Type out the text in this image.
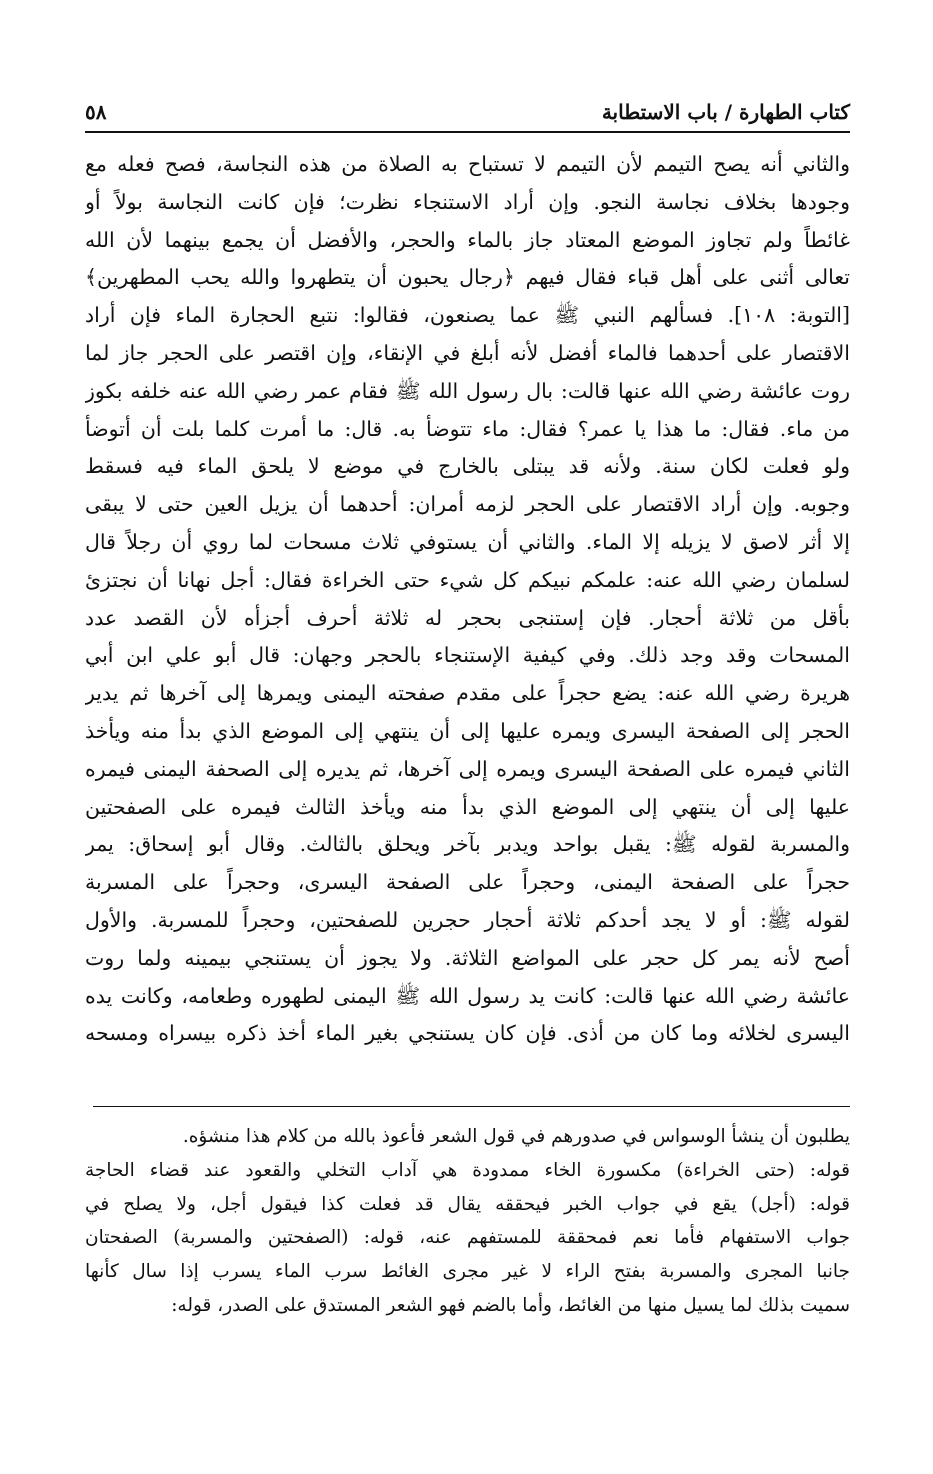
كتاب الطهارة / باب الاستطابة
٥٨
والثاني أنه يصح التيمم لأن التيمم لا تستباح به الصلاة من هذه النجاسة، فصح فعله مع
وجودها بخلاف نجاسة النجو. وإن أراد الاستنجاء نظرت؛ فإن كانت النجاسة بولاً أو
غائطاً ولم تجاوز الموضع المعتاد جاز بالماء والحجر، والأفضل أن يجمع بينهما لأن الله
تعالى أثنى على أهل قباء فقال فيهم ﴿رجال يحبون أن يتطهروا والله يحب المطهرين﴾
[التوبة: ١٠٨]. فسألهم النبي ﷺ عما يصنعون، فقالوا: نتبع الحجارة الماء فإن أراد
الاقتصار على أحدهما فالماء أفضل لأنه أبلغ في الإنقاء، وإن اقتصر على الحجر جاز لما
روت عائشة رضي الله عنها قالت: بال رسول الله ﷺ فقام عمر رضي الله عنه خلفه بكوز
من ماء. فقال: ما هذا يا عمر؟ فقال: ماء تتوضأ به. قال: ما أمرت كلما بلت أن أتوضأ
ولو فعلت لكان سنة. ولأنه قد يبتلى بالخارج في موضع لا يلحق الماء فيه فسقط
وجوبه. وإن أراد الاقتصار على الحجر لزمه أمران: أحدهما أن يزيل العين حتى لا يبقى
إلا أثر لاصق لا يزيله إلا الماء. والثاني أن يستوفي ثلاث مسحات لما روي أن رجلاً قال
لسلمان رضي الله عنه: علمكم نبيكم كل شيء حتى الخراءة فقال: أجل نهانا أن نجتزئ
بأقل من ثلاثة أحجار. فإن إستنجى بحجر له ثلاثة أحرف أجزأه لأن القصد عدد
المسحات وقد وجد ذلك. وفي كيفية الإستنجاء بالحجر وجهان: قال أبو علي ابن أبي
هريرة رضي الله عنه: يضع حجراً على مقدم صفحته اليمنى ويمرها إلى آخرها ثم يدير
الحجر إلى الصفحة اليسرى ويمره عليها إلى أن ينتهي إلى الموضع الذي بدأ منه ويأخذ
الثاني فيمره على الصفحة اليسرى ويمره إلى آخرها، ثم يديره إلى الصحفة اليمنى فيمره
عليها إلى أن ينتهي إلى الموضع الذي بدأ منه ويأخذ الثالث فيمره على الصفحتين
والمسربة لقوله ﷺ: يقبل بواحد ويدبر بآخر ويحلق بالثالث. وقال أبو إسحاق: يمر
حجراً على الصفحة اليمنى، وحجراً على الصفحة اليسرى، وحجراً على المسربة
لقوله ﷺ: أو لا يجد أحدكم ثلاثة أحجار حجرين للصفحتين، وحجراً للمسربة. والأول
أصح لأنه يمر كل حجر على المواضع الثلاثة. ولا يجوز أن يستنجي بيمينه ولما روت
عائشة رضي الله عنها قالت: كانت يد رسول الله ﷺ اليمنى لطهوره وطعامه، وكانت يده
اليسرى لخلائه وما كان من أذى. فإن كان يستنجي بغير الماء أخذ ذكره بيسراه ومسحه
يطلبون أن ينشأ الوسواس في صدورهم في قول الشعر فأعوذ بالله من كلام هذا منشؤه.
قوله: (حتى الخراءة) مكسورة الخاء ممدودة هي آداب التخلي والقعود عند قضاء الحاجة
قوله: (أجل) يقع في جواب الخبر فيحققه يقال قد فعلت كذا فيقول أجل، ولا يصلح في
جواب الاستفهام فأما نعم فمحققة للمستفهم عنه، قوله: (الصفحتين والمسربة) الصفحتان
جانبا المجرى والمسربة بفتح الراء لا غير مجرى الغائط سرب الماء يسرب إذا سال كأنها
سميت بذلك لما يسيل منها من الغائط، وأما بالضم فهو الشعر المستدق على الصدر، قوله:
